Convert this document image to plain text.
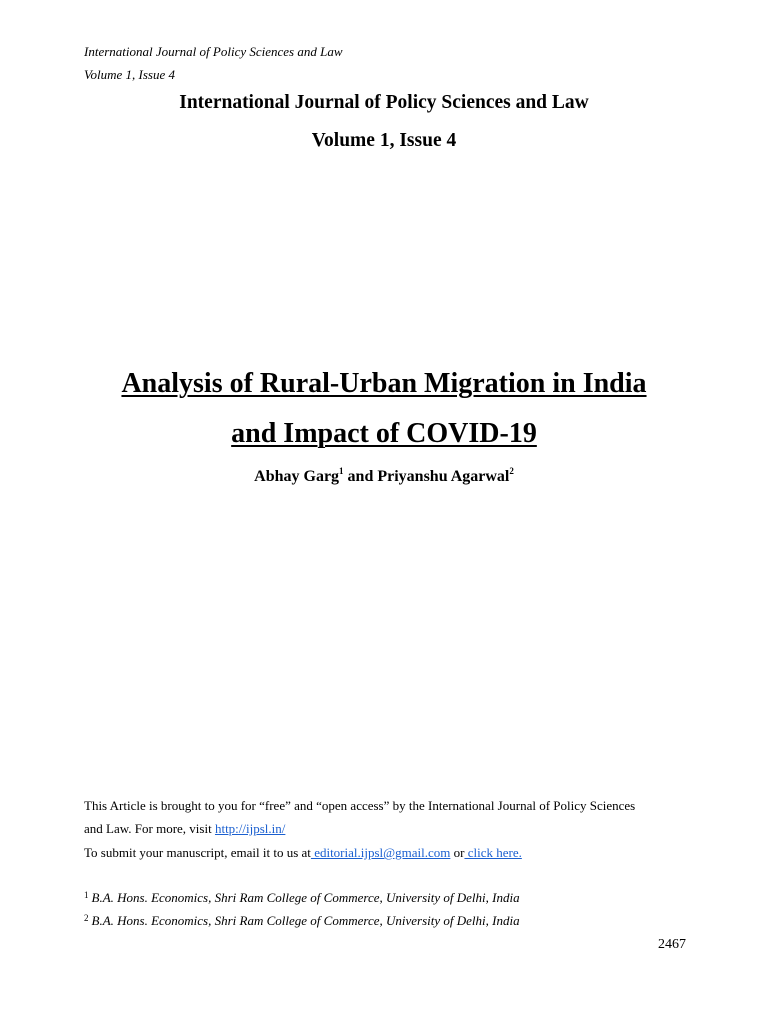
International Journal of Policy Sciences and Law
Volume 1, Issue 4
International Journal of Policy Sciences and Law
Volume 1, Issue 4
Analysis of Rural-Urban Migration in India
and Impact of COVID-19
Abhay Garg$^1$ and Priyanshu Agarwal$^2$
This Article is brought to you for “free” and “open access” by the International Journal of Policy Sciences
and Law. For more, visit http://ijpsl.in/
To submit your manuscript, email it to us at editorial.ijpsl@gmail.com or click here.
$^1$ B.A. Hons. Economics, Shri Ram College of Commerce, University of Delhi, India
$^2$ B.A. Hons. Economics, Shri Ram College of Commerce, University of Delhi, India
2467
